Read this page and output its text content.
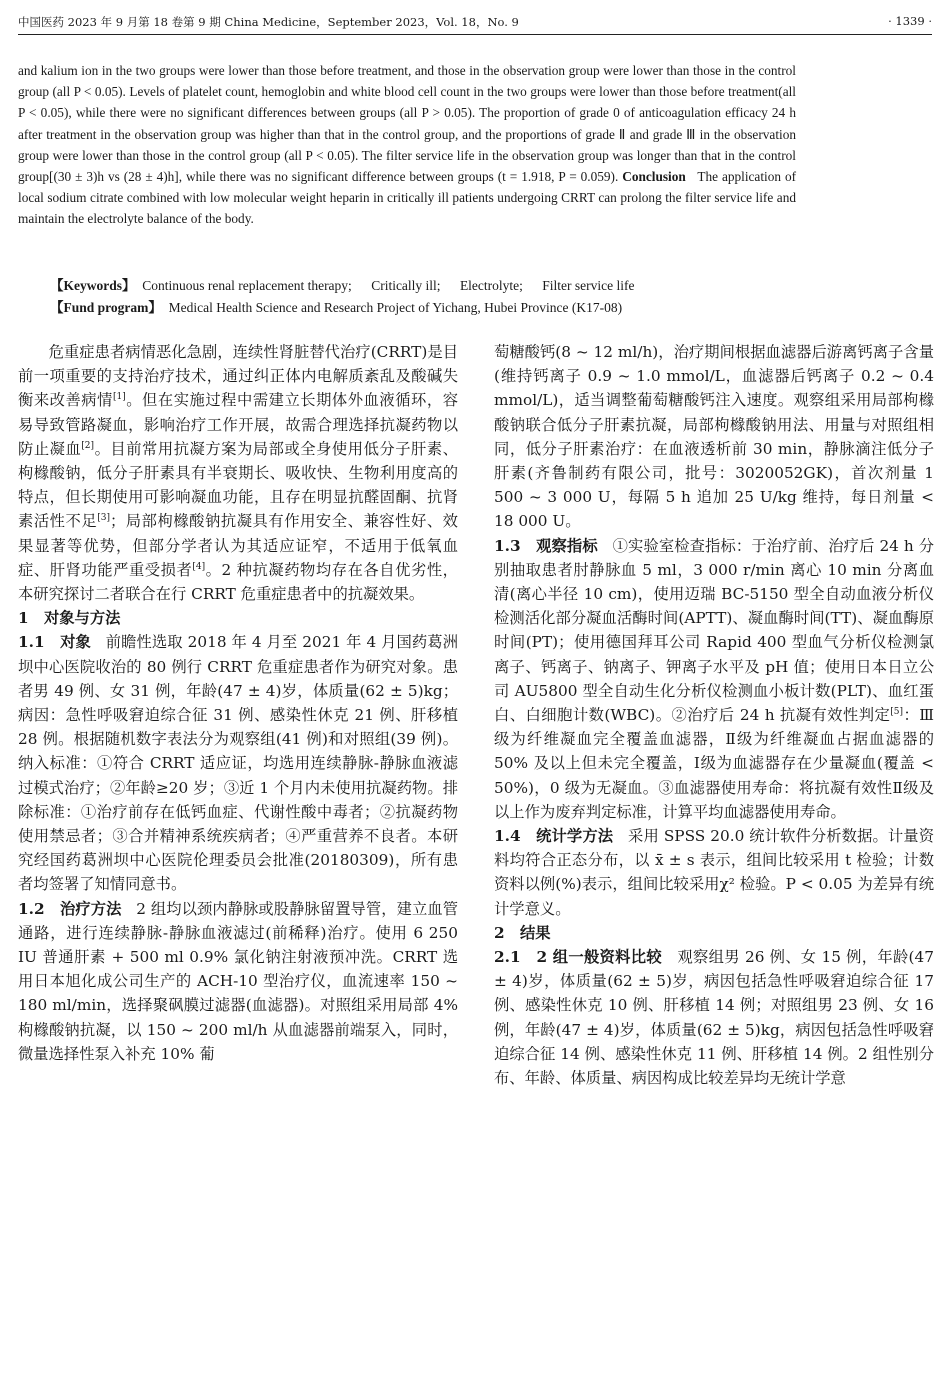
中国医药 2023 年 9 月第 18 卷第 9 期 China Medicine，September 2023，Vol. 18，No. 9	· 1339 ·

and kalium ion in the two groups were lower than those before treatment, and those in the observation group were lower than those in the control group (all P < 0.05). Levels of platelet count, hemoglobin and white blood cell count in the two groups were lower than those before treatment(all P < 0.05), while there were no significant differences between groups (all P > 0.05). The proportion of grade 0 of anticoagulation efficacy 24 h after treatment in the observation group was higher than that in the control group, and the proportions of grade Ⅱ and grade Ⅲ in the observation group were lower than those in the control group (all P < 0.05). The filter service life in the observation group was longer than that in the control group[(30 ± 3)h vs (28 ± 4)h], while there was no significant difference between groups (t = 1.918, P = 0.059). Conclusion The application of local sodium citrate combined with low molecular weight heparin in critically ill patients undergoing CRRT can prolong the filter service life and maintain the electrolyte balance of the body.

【Keywords】 Continuous renal replacement therapy; Critically ill; Electrolyte; Filter service life
【Fund program】 Medical Health Science and Research Project of Yichang, Hubei Province (K17-08)

危重症患者病情恶化急剧，连续性肾脏替代治疗(CRRT)是目前一项重要的支持治疗技术，通过纠正体内电解质紊乱及酸碱失衡来改善病情[1]。但在实施过程中需建立长期体外血液循环，容易导致管路凝血，影响治疗工作开展，故需合理选择抗凝药物以防止凝血[2]。目前常用抗凝方案为局部或全身使用低分子肝素、枸橼酸钠，低分子肝素具有半衰期长、吸收快、生物利用度高的特点，但长期使用可影响凝血功能，且存在明显抗醛固酮、抗肾素活性不足[3]；局部枸橼酸钠抗凝具有作用安全、兼容性好、效果显著等优势，但部分学者认为其适应证窄，不适用于低氧血症、肝肾功能严重受损者[4]。2 种抗凝药物均存在各自优劣性，本研究探讨二者联合在行 CRRT 危重症患者中的抗凝效果。

1　对象与方法

1.1　对象 前瞻性选取 2018 年 4 月至 2021 年 4 月国药葛洲坝中心医院收治的 80 例行 CRRT 危重症患者作为研究对象。患者男 49 例、女 31 例，年龄(47 ± 4)岁，体质量(62 ± 5)kg；病因：急性呼吸窘迫综合征 31 例、感染性休克 21 例、肝移植 28 例。根据随机数字表法分为观察组(41 例)和对照组(39 例)。纳入标准：①符合 CRRT 适应证，均选用连续静脉-静脉血液滤过模式治疗；②年龄≥20 岁；③近 1 个月内未使用抗凝药物。排除标准：①治疗前存在低钙血症、代谢性酸中毒者；②抗凝药物使用禁忌者；③合并精神系统疾病者；④严重营养不良者。本研究经国药葛洲坝中心医院伦理委员会批准(20180309)，所有患者均签署了知情同意书。

1.2　治疗方法 2 组均以颈内静脉或股静脉留置导管，建立血管通路，进行连续静脉-静脉血液滤过(前稀释)治疗。使用 6 250 IU 普通肝素 + 500 ml 0.9% 氯化钠注射液预冲洗。CRRT 选用日本旭化成公司生产的 ACH-10 型治疗仪，血流速率 150 ~ 180 ml/min，选择聚砜膜过滤器(血滤器)。对照组采用局部 4% 枸橼酸钠抗凝，以 150 ~ 200 ml/h 从血滤器前端泵入，同时，微量选择性泵入补充 10% 葡

萄糖酸钙(8 ~ 12 ml/h)，治疗期间根据血滤器后游离钙离子含量(维持钙离子 0.9 ~ 1.0 mmol/L，血滤器后钙离子 0.2 ~ 0.4 mmol/L)，适当调整葡萄糖酸钙注入速度。观察组采用局部枸橼酸钠联合低分子肝素抗凝，局部枸橼酸钠用法、用量与对照组相同，低分子肝素治疗：在血液透析前 30 min，静脉滴注低分子肝素(齐鲁制药有限公司，批号：3020052GK)，首次剂量 1 500 ~ 3 000 U，每隔 5 h 追加 25 U/kg 维持，每日剂量 < 18 000 U。

1.3　观察指标 ①实验室检查指标：于治疗前、治疗后 24 h 分别抽取患者肘静脉血 5 ml，3 000 r/min 离心 10 min 分离血清(离心半径 10 cm)，使用迈瑞 BC-5150 型全自动血液分析仪检测活化部分凝血活酶时间(APTT)、凝血酶时间(TT)、凝血酶原时间(PT)；使用德国拜耳公司 Rapid 400 型血气分析仪检测氯离子、钙离子、钠离子、钾离子水平及 pH 值；使用日本日立公司 AU5800 型全自动生化分析仪检测血小板计数(PLT)、血红蛋白、白细胞计数(WBC)。②治疗后 24 h 抗凝有效性判定[5]：Ⅲ级为纤维凝血完全覆盖血滤器，Ⅱ级为纤维凝血占据血滤器的 50% 及以上但未完全覆盖，Ⅰ级为血滤器存在少量凝血(覆盖 < 50%)，0 级为无凝血。③血滤器使用寿命：将抗凝有效性Ⅱ级及以上作为废弃判定标准，计算平均血滤器使用寿命。

1.4　统计学方法 采用 SPSS 20.0 统计软件分析数据。计量资料均符合正态分布，以 x̄ ± s 表示，组间比较采用 t 检验；计数资料以例(%)表示，组间比较采用χ² 检验。P < 0.05 为差异有统计学意义。

2　结果

2.1　2 组一般资料比较 观察组男 26 例、女 15 例，年龄(47 ± 4)岁，体质量(62 ± 5)岁，病因包括急性呼吸窘迫综合征 17 例、感染性休克 10 例、肝移植 14 例；对照组男 23 例、女 16 例，年龄(47 ± 4)岁，体质量(62 ± 5)kg，病因包括急性呼吸窘迫综合征 14 例、感染性休克 11 例、肝移植 14 例。2 组性别分布、年龄、体质量、病因构成比较差异均无统计学意
